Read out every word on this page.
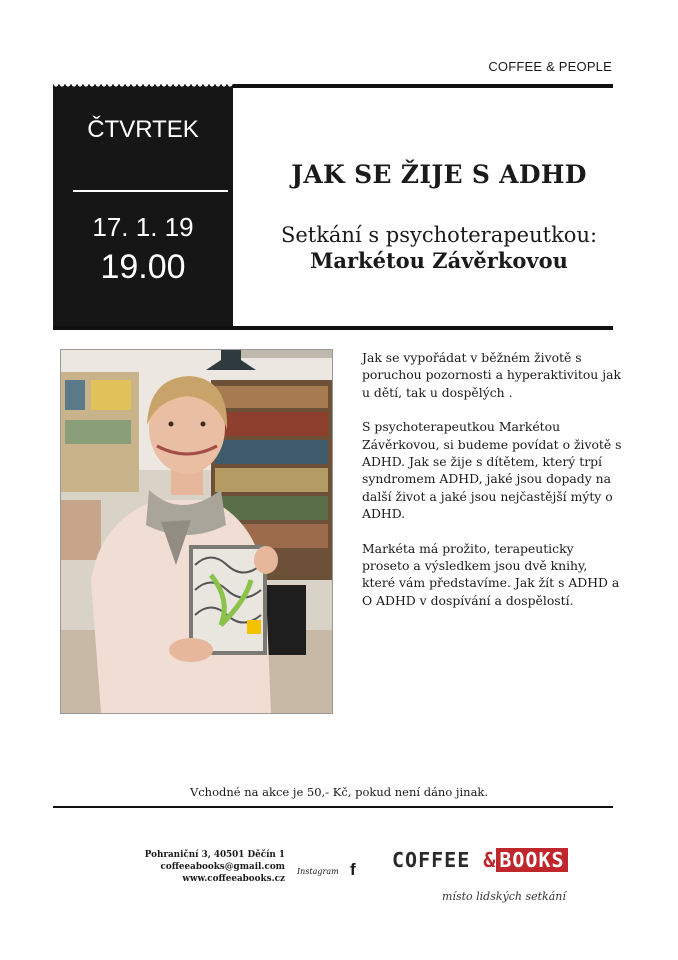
COFFEE & PEOPLE
ČTVRTEK
17. 1. 19
19.00
JAK SE ŽIJE S ADHD
Setkání s psychoterapeutkou:
Markétou Závěrkovou

Jak se vypořádat v běžném životě s poruchou pozornosti a hyperaktivitou jak u dětí, tak u dospělých .

S psychoterapeutkou Markétou Závěrkovou, si budeme povídat o životě s ADHD. Jak se žije s dítětem, který trpí syndromem ADHD, jaké jsou dopady na další život a jaké jsou nejčastější mýty o ADHD.

Markéta má prožito, terapeuticky proseto a výsledkem jsou dvě knihy, které vám představíme. Jak žít s ADHD a O ADHD v dospívání a dospělostí.

Vchodné na akce je 50,- Kč, pokud není dáno jinak.
Pohraniční 3, 40501 Děčín 1
coffeeabooks@gmail.com www.coffeeabooks.cz
Instagram f COFFEE & BOOKS
místo lidských setkání
